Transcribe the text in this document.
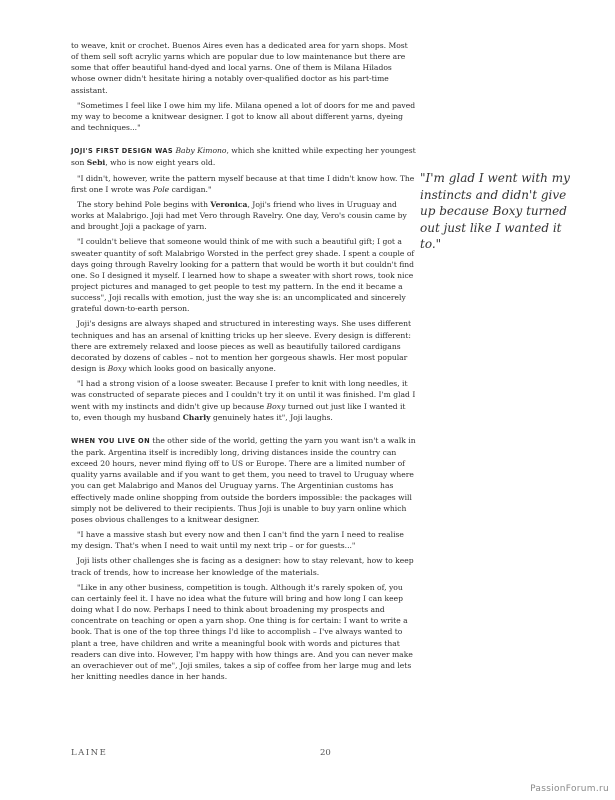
to weave, knit or crochet. Buenos Aires even has a dedicated area for yarn shops. Most of them sell soft acrylic yarns which are popular due to low maintenance but there are some that offer beautiful hand-dyed and local yarns. One of them is Milana Hilados whose owner didn't hesitate hiring a notably over-qualified doctor as his part-time assistant.

"Sometimes I feel like I owe him my life. Milana opened a lot of doors for me and paved my way to become a knitwear designer. I got to know all about different yarns, dyeing and techniques..."

JOJI'S FIRST DESIGN WAS Baby Kimono, which she knitted while expecting her youngest son Sebi, who is now eight years old.

"I didn't, however, write the pattern myself because at that time I didn't know how. The first one I wrote was Pole cardigan."

The story behind Pole begins with Veronica, Joji's friend who lives in Uruguay and works at Malabrigo. Joji had met Vero through Ravelry. One day, Vero's cousin came by and brought Joji a package of yarn.

"I couldn't believe that someone would think of me with such a beautiful gift; I got a sweater quantity of soft Malabrigo Worsted in the perfect grey shade. I spent a couple of days going through Ravelry looking for a pattern that would be worth it but couldn't find one. So I designed it myself. I learned how to shape a sweater with short rows, took nice project pictures and managed to get people to test my pattern. In the end it became a success", Joji recalls with emotion, just the way she is: an uncomplicated and sincerely grateful down-to-earth person.

Joji's designs are always shaped and structured in interesting ways. She uses different techniques and has an arsenal of knitting tricks up her sleeve. Every design is different: there are extremely relaxed and loose pieces as well as beautifully tailored cardigans decorated by dozens of cables – not to mention her gorgeous shawls. Her most popular design is Boxy which looks good on basically anyone.

"I had a strong vision of a loose sweater. Because I prefer to knit with long needles, it was constructed of separate pieces and I couldn't try it on until it was finished. I'm glad I went with my instincts and didn't give up because Boxy turned out just like I wanted it to, even though my husband Charly genuinely hates it", Joji laughs.

WHEN YOU LIVE ON the other side of the world, getting the yarn you want isn't a walk in the park. Argentina itself is incredibly long, driving distances inside the country can exceed 20 hours, never mind flying off to US or Europe. There are a limited number of quality yarns available and if you want to get them, you need to travel to Uruguay where you can get Malabrigo and Manos del Uruguay yarns. The Argentinian customs has effectively made online shopping from outside the borders impossible: the packages will simply not be delivered to their recipients. Thus Joji is unable to buy yarn online which poses obvious challenges to a knitwear designer.

"I have a massive stash but every now and then I can't find the yarn I need to realise my design. That's when I need to wait until my next trip – or for guests..."

Joji lists other challenges she is facing as a designer: how to stay relevant, how to keep track of trends, how to increase her knowledge of the materials.

"Like in any other business, competition is tough. Although it's rarely spoken of, you can certainly feel it. I have no idea what the future will bring and how long I can keep doing what I do now. Perhaps I need to think about broadening my prospects and concentrate on teaching or open a yarn shop. One thing is for certain: I want to write a book. That is one of the top three things I'd like to accomplish – I've always wanted to plant a tree, have children and write a meaningful book with words and pictures that readers can dive into. However, I'm happy with how things are. And you can never make an overachiever out of me", Joji smiles, takes a sip of coffee from her large mug and lets her knitting needles dance in her hands.

"I'm glad I went with my instincts and didn't give up because Boxy turned out just like I wanted it to."
LAINE	20
PassionForum.ru
